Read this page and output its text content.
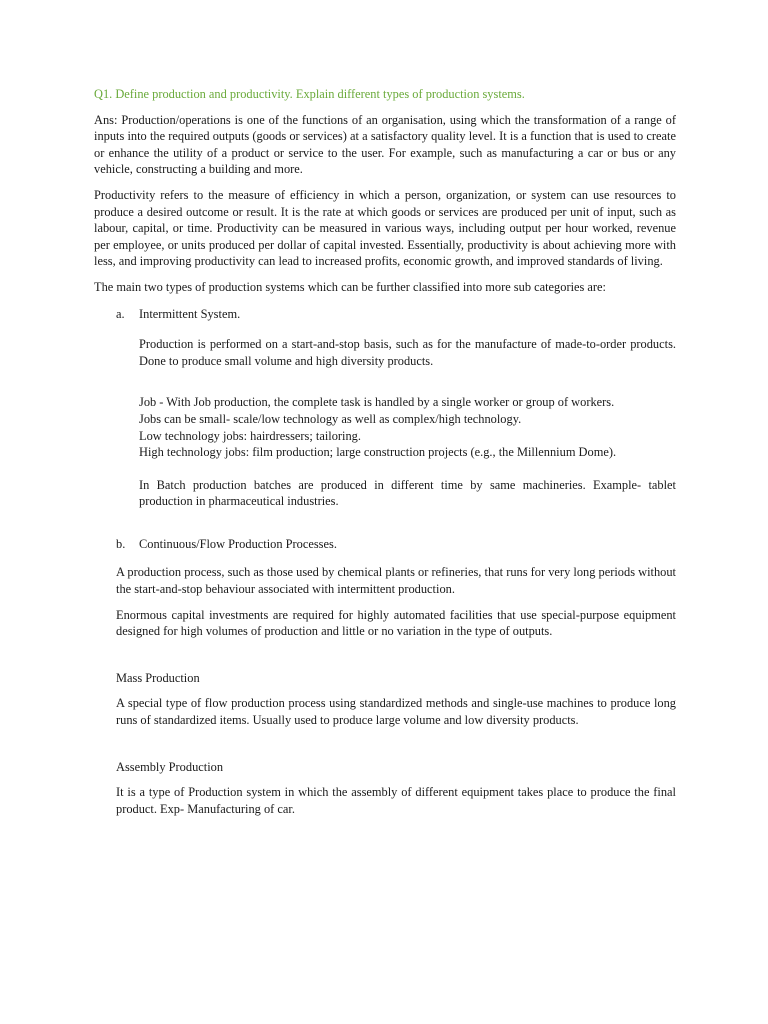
Q1. Define production and productivity. Explain different types of production systems.

Ans: Production/operations is one of the functions of an organisation, using which the transformation of a range of inputs into the required outputs (goods or services) at a satisfactory quality level. It is a function that is used to create or enhance the utility of a product or service to the user. For example, such as manufacturing a car or bus or any vehicle, constructing a building and more.

Productivity refers to the measure of efficiency in which a person, organization, or system can use resources to produce a desired outcome or result. It is the rate at which goods or services are produced per unit of input, such as labour, capital, or time. Productivity can be measured in various ways, including output per hour worked, revenue per employee, or units produced per dollar of capital invested. Essentially, productivity is about achieving more with less, and improving productivity can lead to increased profits, economic growth, and improved standards of living.

The main two types of production systems which can be further classified into more sub categories are:

a.	Intermittent System.

Production is performed on a start-and-stop basis, such as for the manufacture of made-to-order products. Done to produce small volume and high diversity products.

Job - With Job production, the complete task is handled by a single worker or group of workers.
Jobs can be small- scale/low technology as well as complex/high technology.
Low technology jobs: hairdressers; tailoring.
High technology jobs: film production; large construction projects (e.g., the Millennium Dome).

In Batch production batches are produced in different time by same machineries. Example- tablet production in pharmaceutical industries.

b.	Continuous/Flow Production Processes.

A production process, such as those used by chemical plants or refineries, that runs for very long periods without the start-and-stop behaviour associated with intermittent production.

Enormous capital investments are required for highly automated facilities that use special-purpose equipment designed for high volumes of production and little or no variation in the type of outputs.

Mass Production

A special type of flow production process using standardized methods and single-use machines to produce long runs of standardized items. Usually used to produce large volume and low diversity products.

Assembly Production

It is a type of Production system in which the assembly of different equipment takes place to produce the final product. Exp- Manufacturing of car.
